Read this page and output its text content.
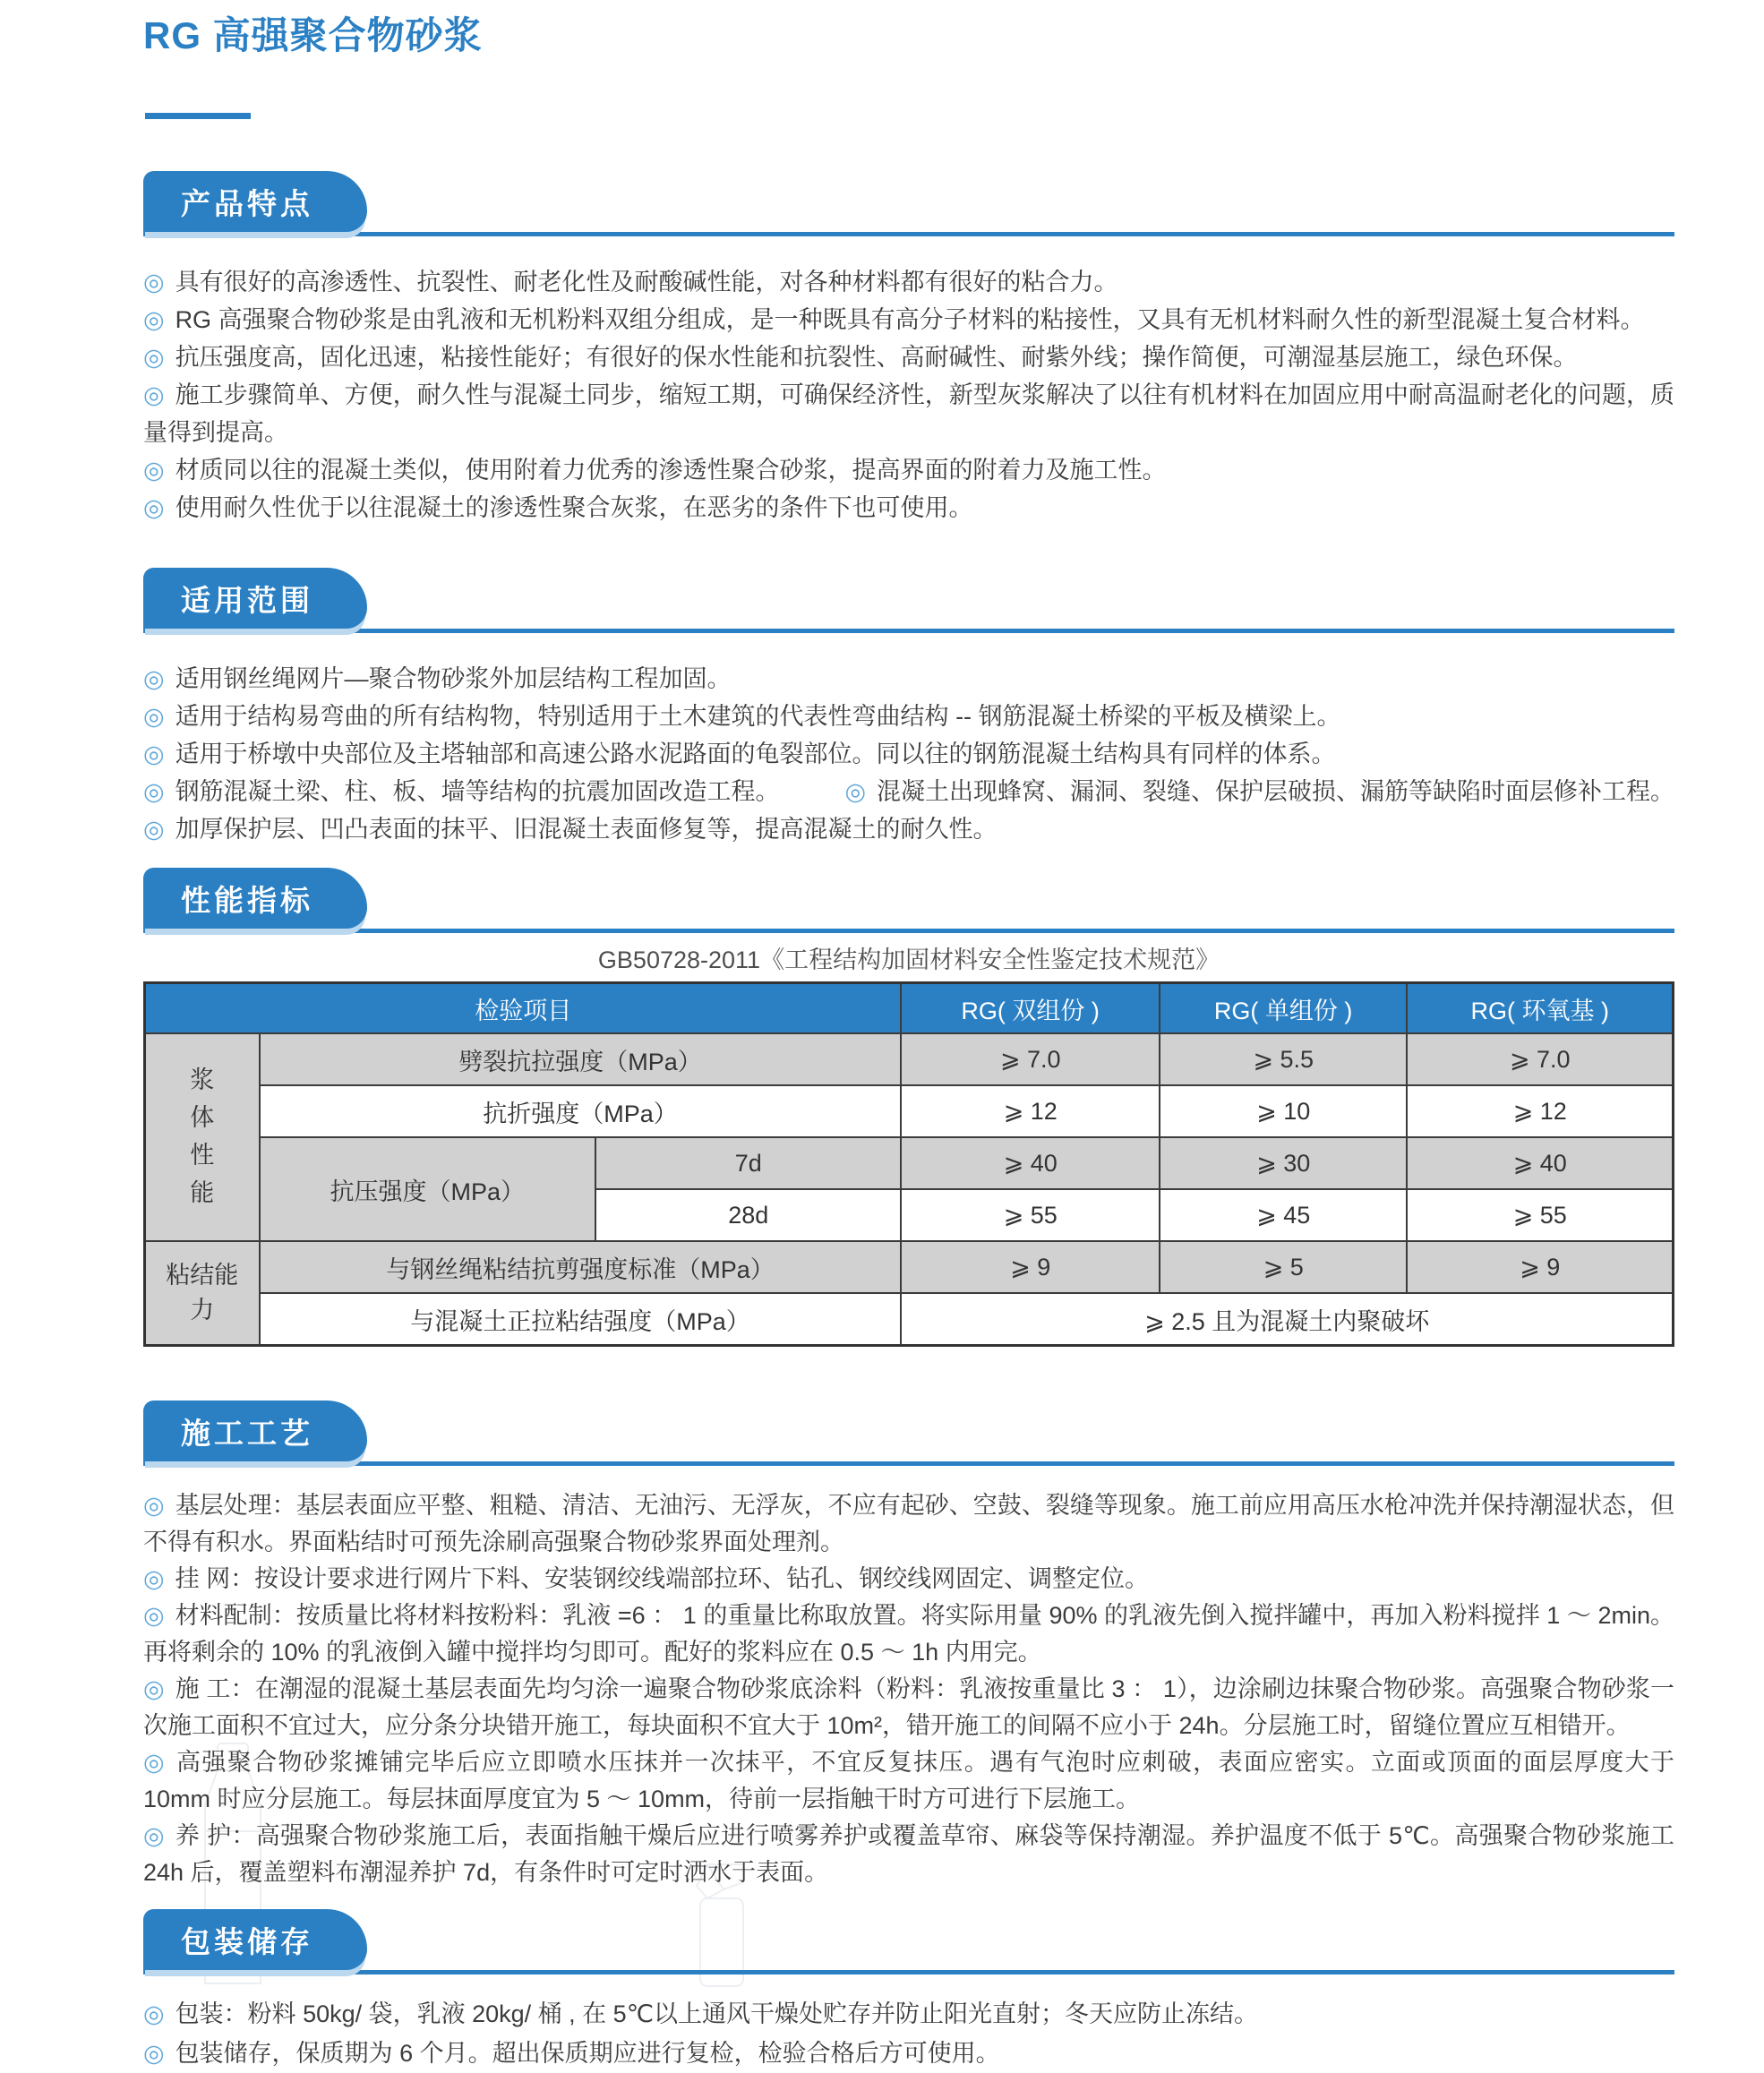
RG 高强聚合物砂浆
产品特点
◎ 具有很好的高渗透性、抗裂性、耐老化性及耐酸碱性能，对各种材料都有很好的粘合力。
◎ RG 高强聚合物砂浆是由乳液和无机粉料双组分组成，是一种既具有高分子材料的粘接性，又具有无机材料耐久性的新型混凝土复合材料。
◎ 抗压强度高，固化迅速，粘接性能好；有很好的保水性能和抗裂性、高耐碱性、耐紫外线；操作简便，可潮湿基层施工，绿色环保。
◎ 施工步骤简单、方便，耐久性与混凝土同步，缩短工期，可确保经济性，新型灰浆解决了以往有机材料在加固应用中耐高温耐老化的问题，质量得到提高。
◎ 材质同以往的混凝土类似，使用附着力优秀的渗透性聚合砂浆，提高界面的附着力及施工性。
◎ 使用耐久性优于以往混凝土的渗透性聚合灰浆，在恶劣的条件下也可使用。
适用范围
◎ 适用钢丝绳网片—聚合物砂浆外加层结构工程加固。
◎ 适用于结构易弯曲的所有结构物，特别适用于土木建筑的代表性弯曲结构 -- 钢筋混凝土桥梁的平板及横梁上。
◎ 适用于桥墩中央部位及主塔轴部和高速公路水泥路面的龟裂部位。同以往的钢筋混凝土结构具有同样的体系。
◎ 钢筋混凝土梁、柱、板、墙等结构的抗震加固改造工程。	◎ 混凝土出现蜂窝、漏洞、裂缝、保护层破损、漏筋等缺陷时面层修补工程。
◎ 加厚保护层、凹凸表面的抹平、旧混凝土表面修复等，提高混凝土的耐久性。
性能指标
GB50728-2011《工程结构加固材料安全性鉴定技术规范》
检验项目			RG( 双组份 )	RG( 单组份 )	RG( 环氧基 )

浆体性能	劈裂抗拉强度（MPa）		⩾ 7.0	⩾ 5.5	⩾ 7.0
	抗折强度（MPa）		⩾ 12	⩾ 10	⩾ 12
	抗压强度（MPa）	7d	⩾ 40	⩾ 30	⩾ 40
		28d	⩾ 55	⩾ 45	⩾ 55

粘结能力	与钢丝绳粘结抗剪强度标准（MPa）		⩾ 9	⩾ 5	⩾ 9
	与混凝土正拉粘结强度（MPa）		⩾ 2.5 且为混凝土内聚破坏		
施工工艺
◎ 基层处理：基层表面应平整、粗糙、清洁、无油污、无浮灰，不应有起砂、空鼓、裂缝等现象。施工前应用高压水枪冲洗并保持潮湿状态，但不得有积水。界面粘结时可预先涂刷高强聚合物砂浆界面处理剂。
◎ 挂 网：按设计要求进行网片下料、安装钢绞线端部拉环、钻孔、钢绞线网固定、调整定位。
◎ 材料配制：按质量比将材料按粉料：乳液 =6 ： 1 的重量比称取放置。将实际用量 90% 的乳液先倒入搅拌罐中，再加入粉料搅拌 1 ～ 2min。再将剩余的 10% 的乳液倒入罐中搅拌均匀即可。配好的浆料应在 0.5 ～ 1h 内用完。
◎ 施 工：在潮湿的混凝土基层表面先均匀涂一遍聚合物砂浆底涂料（粉料：乳液按重量比 3 ： 1），边涂刷边抹聚合物砂浆。高强聚合物砂浆一次施工面积不宜过大，应分条分块错开施工，每块面积不宜大于 10m²，错开施工的间隔不应小于 24h。分层施工时，留缝位置应互相错开。
◎ 高强聚合物砂浆摊铺完毕后应立即喷水压抹并一次抹平，不宜反复抹压。遇有气泡时应刺破，表面应密实。立面或顶面的面层厚度大于 10mm 时应分层施工。每层抹面厚度宜为 5 ～ 10mm，待前一层指触干时方可进行下层施工。
◎ 养 护：高强聚合物砂浆施工后，表面指触干燥后应进行喷雾养护或覆盖草帘、麻袋等保持潮湿。养护温度不低于 5℃。高强聚合物砂浆施工 24h 后，覆盖塑料布潮湿养护 7d，有条件时可定时洒水于表面。
包装储存
◎ 包装：粉料 50kg/ 袋，乳液 20kg/ 桶 , 在 5℃以上通风干燥处贮存并防止阳光直射；冬天应防止冻结。
◎ 包装储存，保质期为 6 个月。超出保质期应进行复检，检验合格后方可使用。
